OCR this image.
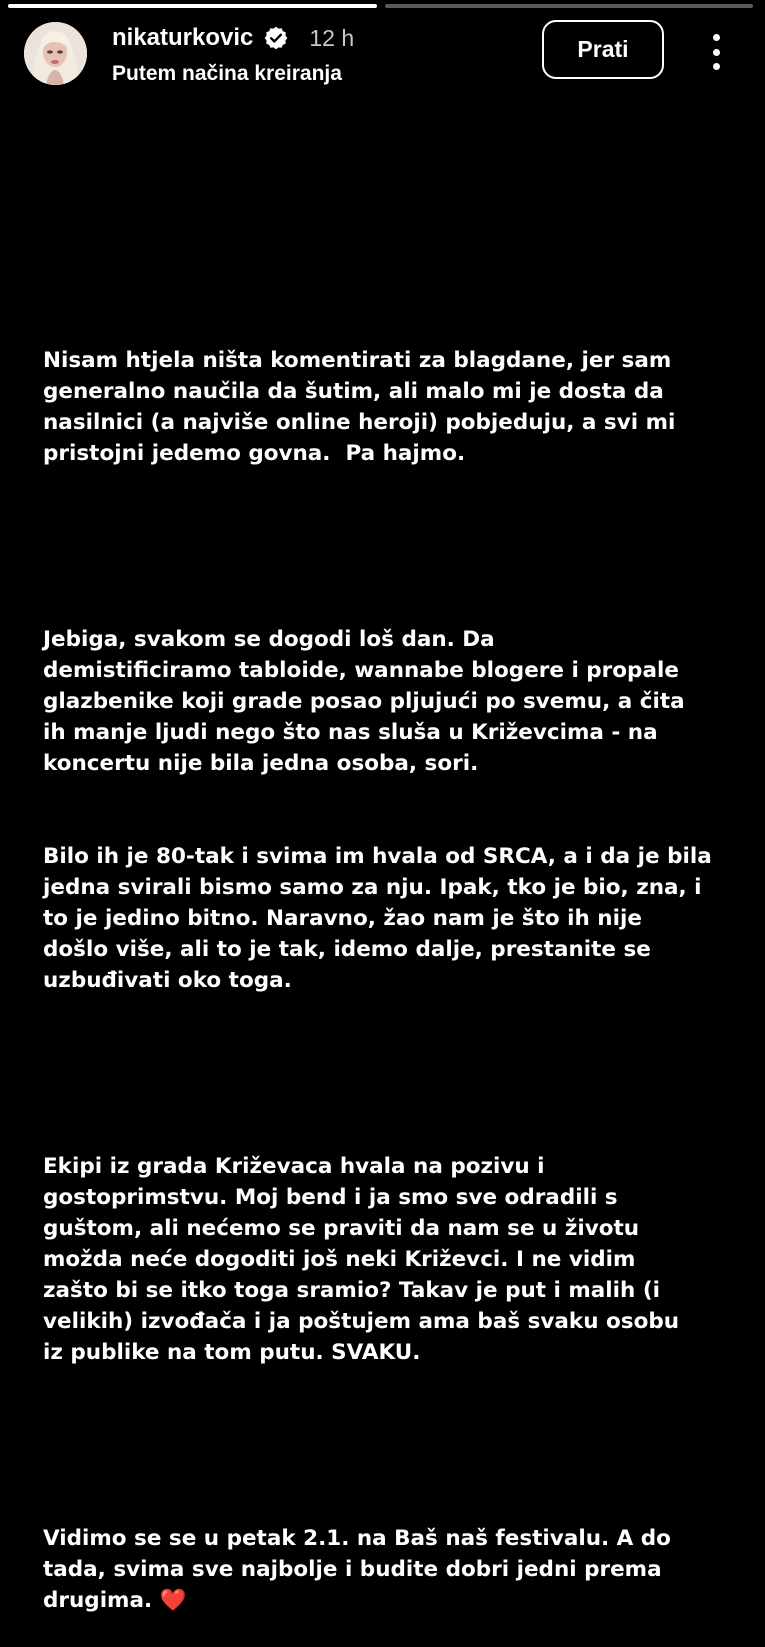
nikaturkovic 12 h
Putem načina kreiranja
Prati

Nisam htjela ništa komentirati za blagdane, jer sam
generalno naučila da šutim, ali malo mi je dosta da
nasilnici (a najviše online heroji) pobjeduju, a svi mi
pristojni jedemo govna.  Pa hajmo.

Jebiga, svakom se dogodi loš dan. Da
demistificiramo tabloide, wannabe blogere i propale
glazbenike koji grade posao pljujući po svemu, a čita
ih manje ljudi nego što nas sluša u Križevcima - na
koncertu nije bila jedna osoba, sori.

Bilo ih je 80-tak i svima im hvala od SRCA, a i da je bila
jedna svirali bismo samo za nju. Ipak, tko je bio, zna, i
to je jedino bitno. Naravno, žao nam je što ih nije
došlo više, ali to je tak, idemo dalje, prestanite se
uzbuđivati oko toga.

Ekipi iz grada Križevaca hvala na pozivu i
gostoprimstvu. Moj bend i ja smo sve odradili s
guštom, ali nećemo se praviti da nam se u životu
možda neće dogoditi još neki Križevci. I ne vidim
zašto bi se itko toga sramio? Takav je put i malih (i
velikih) izvođača i ja poštujem ama baš svaku osobu
iz publike na tom putu. SVAKU.

Vidimo se se u petak 2.1. na Baš naš festivalu. A do
tada, svima sve najbolje i budite dobri jedni prema
drugima. ❤️
